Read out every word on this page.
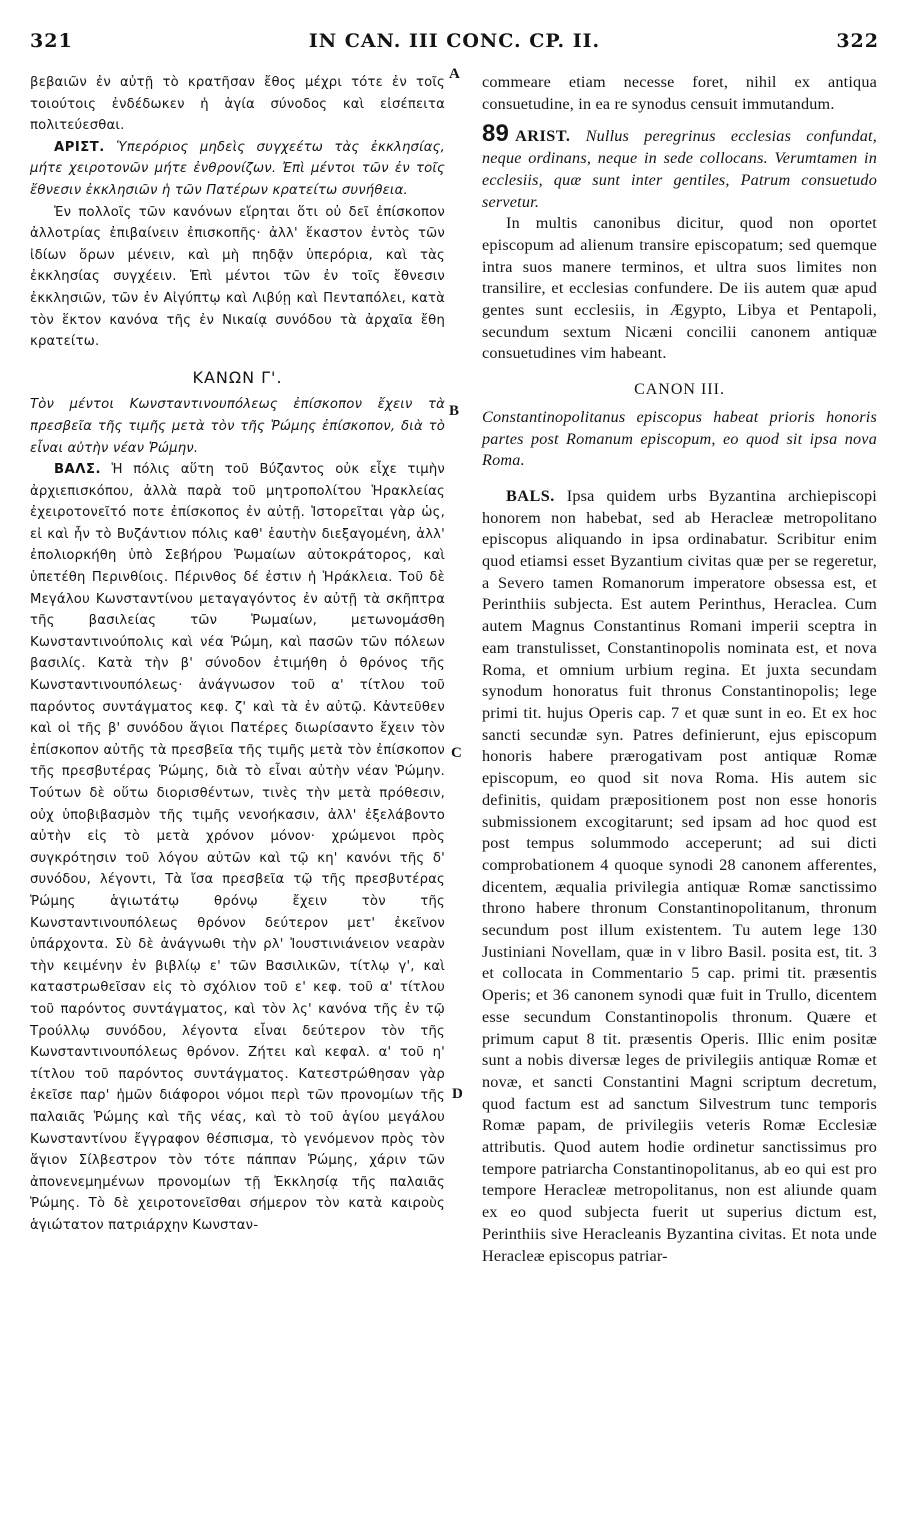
321	IN CAN. III CONC. CP. II.	322
A
B
C
D

βεβαιῶν ἐν αὐτῇ τὸ κρατῆσαν ἔθος μέχρι τότε ἐν τοῖς τοιούτοις ἐνδέδωκεν ἡ ἁγία σύνοδος καὶ εἰσέπειτα πολιτεύεσθαι.

ΑΡΙΣΤ. Ὑπερόριος μηδεὶς συγχεέτω τὰς ἐκκλησίας, μήτε χειροτονῶν μήτε ἐνθρονίζων. Ἐπὶ μέντοι τῶν ἐν τοῖς ἔθνεσιν ἐκκλησιῶν ἡ τῶν Πατέρων κρατείτω συνήθεια.

Ἐν πολλοῖς τῶν κανόνων εἴρηται ὅτι οὐ δεῖ ἐπίσκοπον ἀλλοτρίας ἐπιβαίνειν ἐπισκοπῆς· ἀλλ' ἕκαστον ἐντὸς τῶν ἰδίων ὅρων μένειν, καὶ μὴ πηδᾷν ὑπερόρια, καὶ τὰς ἐκκλησίας συγχέειν. Ἐπὶ μέντοι τῶν ἐν τοῖς ἔθνεσιν ἐκκλησιῶν, τῶν ἐν Αἰγύπτῳ καὶ Λιβύῃ καὶ Πενταπόλει, κατὰ τὸν ἕκτον κανόνα τῆς ἐν Νικαίᾳ συνόδου τὰ ἀρχαῖα ἔθη κρατείτω.

ΚΑΝΩΝ Γ'.

Τὸν μέντοι Κωνσταντινουπόλεως ἐπίσκοπον ἔχειν τὰ πρεσβεῖα τῆς τιμῆς μετὰ τὸν τῆς Ῥώμης ἐπίσκοπον, διὰ τὸ εἶναι αὐτὴν νέαν Ῥώμην.

ΒΑΛΣ. Ἡ πόλις αὕτη τοῦ Βύζαντος οὐκ εἶχε τιμὴν ἀρχιεπισκόπου, ἀλλὰ παρὰ τοῦ μητροπολίτου Ἡρακλείας ἐχειροτονεῖτό ποτε ἐπίσκοπος ἐν αὐτῇ. Ἱστορεῖται γὰρ ὡς, εἰ καὶ ἦν τὸ Βυζάντιον πόλις καθ' ἑαυτὴν διεξαγομένη, ἀλλ' ἐπολιορκήθη ὑπὸ Σεβήρου Ῥωμαίων αὐτοκράτορος, καὶ ὑπετέθη Περινθίοις. Πέρινθος δέ ἐστιν ἡ Ἡράκλεια. Τοῦ δὲ Μεγάλου Κωνσταντίνου μεταγαγόντος ἐν αὐτῇ τὰ σκῆπτρα τῆς βασιλείας τῶν Ῥωμαίων, μετωνομάσθη Κωνσταντινούπολις καὶ νέα Ῥώμη, καὶ πασῶν τῶν πόλεων βασιλίς. Κατὰ τὴν β' σύνοδον ἐτιμήθη ὁ θρόνος τῆς Κωνσταντινουπόλεως· ἀνάγνωσον τοῦ α' τίτλου τοῦ παρόντος συντάγματος κεφ. ζ' καὶ τὰ ἐν αὐτῷ. Κἀντεῦθεν καὶ οἱ τῆς β' συνόδου ἅγιοι Πατέρες διωρίσαντο ἔχειν τὸν ἐπίσκοπον αὐτῆς τὰ πρεσβεῖα τῆς τιμῆς μετὰ τὸν ἐπίσκοπον τῆς πρεσβυτέρας Ῥώμης, διὰ τὸ εἶναι αὐτὴν νέαν Ῥώμην. Τούτων δὲ οὕτω διορισθέντων, τινὲς τὴν μετὰ πρόθεσιν, οὐχ ὑποβιβασμὸν τῆς τιμῆς νενοήκασιν, ἀλλ' ἐξελάβοντο αὐτὴν εἰς τὸ μετὰ χρόνον μόνον· χρώμενοι πρὸς συγκρότησιν τοῦ λόγου αὐτῶν καὶ τῷ κη' κανόνι τῆς δ' συνόδου, λέγοντι, Τὰ ἴσα πρεσβεῖα τῷ τῆς πρεσβυτέρας Ῥώμης ἁγιωτάτῳ θρόνῳ ἔχειν τὸν τῆς Κωνσταντινουπόλεως θρόνον δεύτερον μετ' ἐκεῖνον ὑπάρχοντα. Σὺ δὲ ἀνάγνωθι τὴν ρλ' Ἰουστινιάνειον νεαρὰν τὴν κειμένην ἐν βιβλίῳ ε' τῶν Βασιλικῶν, τίτλῳ γ', καὶ καταστρωθεῖσαν εἰς τὸ σχόλιον τοῦ ε' κεφ. τοῦ α' τίτλου τοῦ παρόντος συντάγματος, καὶ τὸν λς' κανόνα τῆς ἐν τῷ Τρούλλῳ συνόδου, λέγοντα εἶναι δεύτερον τὸν τῆς Κωνσταντινουπόλεως θρόνον. Ζήτει καὶ κεφαλ. α' τοῦ η' τίτλου τοῦ παρόντος συντάγματος. Κατεστρώθησαν γὰρ ἐκεῖσε παρ' ἡμῶν διάφοροι νόμοι περὶ τῶν προνομίων τῆς παλαιᾶς Ῥώμης καὶ τῆς νέας, καὶ τὸ τοῦ ἁγίου μεγάλου Κωνσταντίνου ἔγγραφον θέσπισμα, τὸ γενόμενον πρὸς τὸν ἅγιον Σίλβεστρον τὸν τότε πάππαν Ῥώμης, χάριν τῶν ἀπονενεμημένων προνομίων τῇ Ἐκκλησίᾳ τῆς παλαιᾶς Ῥώμης. Τὸ δὲ χειροτονεῖσθαι σήμερον τὸν κατὰ καιροὺς ἁγιώτατον πατριάρχην Κωνσταν-

commeare etiam necesse foret, nihil ex antiqua consuetudine, in ea re synodus censuit immutandum.

89 ARIST. Nullus peregrinus ecclesias confundat, neque ordinans, neque in sede collocans. Verumtamen in ecclesiis, quæ sunt inter gentiles, Patrum consuetudo servetur.

In multis canonibus dicitur, quod non oportet episcopum ad alienum transire episcopatum; sed quemque intra suos manere terminos, et ultra suos limites non transilire, et ecclesias confundere. De iis autem quæ apud gentes sunt ecclesiis, in Ægypto, Libya et Pentapoli, secundum sextum Nicæni concilii canonem antiquæ consuetudines vim habeant.

CANON III.

Constantinopolitanus episcopus habeat prioris honoris partes post Romanum episcopum, eo quod sit ipsa nova Roma.

BALS. Ipsa quidem urbs Byzantina archiepiscopi honorem non habebat, sed ab Heracleæ metropolitano episcopus aliquando in ipsa ordinabatur. Scribitur enim quod etiamsi esset Byzantium civitas quæ per se regeretur, a Severo tamen Romanorum imperatore obsessa est, et Perinthiis subjecta. Est autem Perinthus, Heraclea. Cum autem Magnus Constantinus Romani imperii sceptra in eam transtulisset, Constantinopolis nominata est, et nova Roma, et omnium urbium regina. Et juxta secundam synodum honoratus fuit thronus Constantinopolis; lege primi tit. hujus Operis cap. 7 et quæ sunt in eo. Et ex hoc sancti secundæ syn. Patres definierunt, ejus episcopum honoris habere prærogativam post antiquæ Romæ episcopum, eo quod sit nova Roma. His autem sic definitis, quidam præpositionem post non esse honoris submissionem excogitarunt; sed ipsam ad hoc quod est post tempus solummodo acceperunt; ad sui dicti comprobationem 4 quoque synodi 28 canonem afferentes, dicentem, æqualia privilegia antiquæ Romæ sanctissimo throno habere thronum Constantinopolitanum, thronum secundum post illum existentem. Tu autem lege 130 Justiniani Novellam, quæ in v libro Basil. posita est, tit. 3 et collocata in Commentario 5 cap. primi tit. præsentis Operis; et 36 canonem synodi quæ fuit in Trullo, dicentem esse secundum Constantinopolis thronum. Quære et primum caput 8 tit. præsentis Operis. Illic enim positæ sunt a nobis diversæ leges de privilegiis antiquæ Romæ et novæ, et sancti Constantini Magni scriptum decretum, quod factum est ad sanctum Silvestrum tunc temporis Romæ papam, de privilegiis veteris Romæ Ecclesiæ attributis. Quod autem hodie ordinetur sanctissimus pro tempore patriarcha Constantinopolitanus, ab eo qui est pro tempore Heracleæ metropolitanus, non est aliunde quam ex eo quod subjecta fuerit ut superius dictum est, Perinthiis sive Heracleanis Byzantina civitas. Et nota unde Heracleæ episcopus patriar-
